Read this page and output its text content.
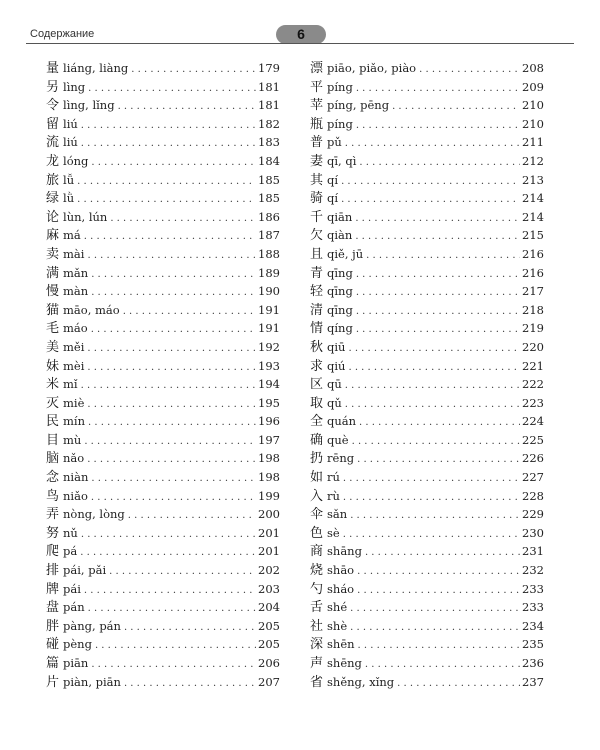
Содержание	6
量 liáng, liàng . . .	179
另 lìng . . .	181
令 lìng, lǐng . . .	181
留 liú . . .	182
流 liú . . .	183
龙 lóng . . .	184
旅 lǚ . . .	185
绿 lǜ . . .	185
论 lùn, lún . . .	186
麻 má . . .	187
卖 mài . . .	188
满 mǎn . . .	189
慢 màn . . .	190
猫 māo, máo . . .	191
毛 máo . . .	191
美 měi . . .	192
妹 mèi . . .	193
米 mǐ . . .	194
灭 miè . . .	195
民 mín . . .	196
目 mù . . .	197
脑 nǎo . . .	198
念 niàn . . .	198
鸟 niǎo . . .	199
弄 nòng, lòng . . .	200
努 nǔ . . .	201
爬 pá . . .	201
排 pái, pǎi . . .	202
牌 pái . . .	203
盘 pán . . .	204
胖 pàng, pán . . .	205
碰 pèng . . .	205
篇 piān . . .	206
片 piàn, piān . . .	207
漂 piāo, piǎo, piào . . .	208
平 píng . . .	209
苹 píng, pēng . . .	210
瓶 píng . . .	210
普 pǔ . . .	211
妻 qī, qì . . .	212
其 qí . . .	213
骑 qí . . .	214
千 qiān . . .	214
欠 qiàn . . .	215
且 qiě, jū . . .	216
青 qīng . . .	216
轻 qīng . . .	217
清 qīng . . .	218
情 qíng . . .	219
秋 qiū . . .	220
求 qiú . . .	221
区 qū . . .	222
取 qǔ . . .	223
全 quán . . .	224
确 què . . .	225
扔 rēng . . .	226
如 rú . . .	227
入 rù . . .	228
伞 sǎn . . .	229
色 sè . . .	230
商 shāng . . .	231
烧 shāo . . .	232
勺 sháo . . .	233
舌 shé . . .	233
社 shè . . .	234
深 shēn . . .	235
声 shēng . . .	236
省 shěng, xǐng . . .	237
